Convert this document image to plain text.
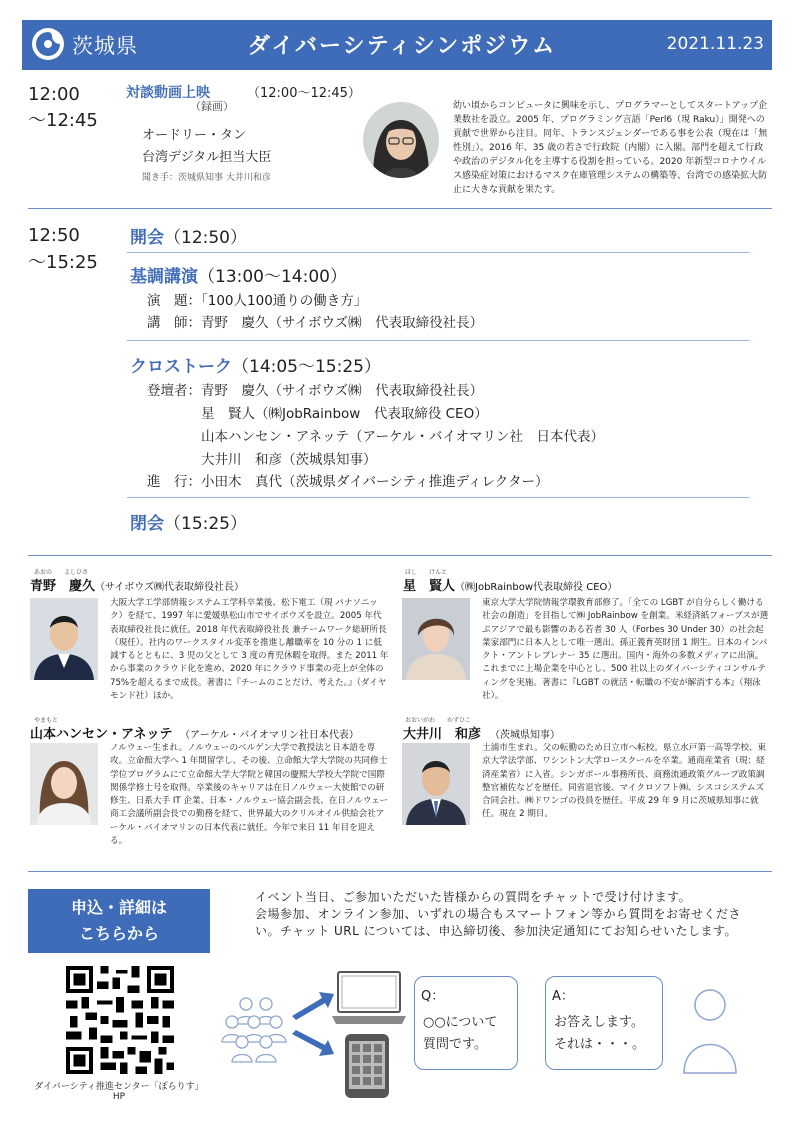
茨城県	ダイバーシティシンポジウム	2021.11.23
12:00
～12:45
対談動画上映	（12:00～12:45）
（録画）
オードリー・タン
台湾デジタル担当大臣
聞き手：茨城県知事 大井川和彦
幼い頃からコンピュータに興味を示し、プログラマーとしてスタートアップ企業数社を設立。2005 年、プログラミング言語「Perl6（現 Raku）」開発への貢献で世界から注目。同年、トランスジェンダーである事を公表（現在は「無性別」）。2016 年、35 歳の若さで行政院（内閣）に入閣。部門を超えて行政や政治のデジタル化を主導する役割を担っている。2020 年新型コロナウイルス感染症対策におけるマスク在庫管理システムの構築等、台湾での感染拡大防止に大きな貢献を果たす。
12:50
～15:25
開会（12:50）
基調講演（13:00～14:00）
演　題：「100人100通りの働き方」
講　師：青野　慶久（サイボウズ㈱　代表取締役社長）
クロストーク（14:05～15:25）
登壇者：青野　慶久（サイボウズ㈱　代表取締役社長）
　　　　星　賢人（㈱JobRainbow　代表取締役 CEO）
　　　　山本ハンセン・アネッテ（アーケル・バイオマリン社　日本代表）
　　　　大井川　和彦（茨城県知事）
進　行：小田木　真代（茨城県ダイバーシティ推進ディレクター）
閉会（15:25）
あおの　　よしひさ
青野　慶久 （サイボウズ㈱代表取締役社長）
大阪大学工学部情報システム工学科卒業後、松下電工（現 パナソニック）を経て、1997 年に愛媛県松山市でサイボウズを設立。2005 年代表取締役社長に就任。2018 年代表取締役社長 兼チームワーク総研所長（現任）。社内のワークスタイル変革を推進し離職率を 10 分の 1 に低減するとともに、3 児の父として 3 度の育児休暇を取得。また 2011 年から事業のクラウド化を進め、2020 年にクラウド事業の売上が全体の 75%を超えるまで成長。著書に『チームのことだけ、考えた。』（ダイヤモンド社）ほか。
ほし　　けんと
星　賢人 （㈱JobRainbow代表取締役 CEO）
東京大学大学院情報学環教育部修了。「全ての LGBT が自分らしく働ける社会の創造」を目指して㈱ JobRainbow を創業。米経済紙フォーブスが選ぶアジアで最も影響のある若者 30 人（Forbes 30 Under 30）の社会起業家部門に日本人として唯一選出。孫正義育英財団 1 期生。日本のインパクト・アントレプレナー 35 に選出。国内・海外の多数メディアに出演。これまでに上場企業を中心とし、500 社以上のダイバーシティコンサルティングを実施。著書に『LGBT の就活・転職の不安が解消する本』（翔泳社）。
やまもと
山本ハンセン・アネッテ （アーケル・バイオマリン社日本代表）
ノルウェー生まれ。ノルウェーのベルゲン大学で教授法と日本語を専攻。立命館大学へ 1 年間留学し、その後、立命館大学大学院の共同修士学位プログラムにて立命館大学大学院と韓国の慶熙大学校大学院で国際関係学修士号を取得。卒業後のキャリアは在日ノルウェー大使館での研修生、日系大手 IT 企業、日本・ノルウェー協会副会長、在日ノルウェー商工会議所副会長での勤務を経て、世界最大のクリルオイル供給会社アーケル・バイオマリンの日本代表に就任。今年で来日 11 年目を迎える。
おおいがわ　　かずひこ
大井川　和彦 （茨城県知事）
土浦市生まれ。父の転勤のため日立市へ転校。県立水戸第一高等学校、東京大学法学部、ワシントン大学ロースクールを卒業。通商産業省（現：経済産業省）に入省。シンガポール事務所長、商務流通政策グループ政策調整官補佐などを歴任。同省退官後、マイクロソフト㈱、シスコシステムズ合同会社、㈱ドワンゴの役員を歴任。平成 29 年 9 月に茨城県知事に就任。現在 2 期目。
申込・詳細は
こちらから
ダイバーシティ推進センター「ぽらりす」HP
イベント当日、ご参加いただいた皆様からの質問をチャットで受け付けます。
会場参加、オンライン参加、いずれの場合もスマートフォン等から質問をお寄せください。チャット URL については、申込締切後、参加決定通知にてお知らせいたします。
Q：
○○について
質問です。
A：
お答えします。
それは・・・。
